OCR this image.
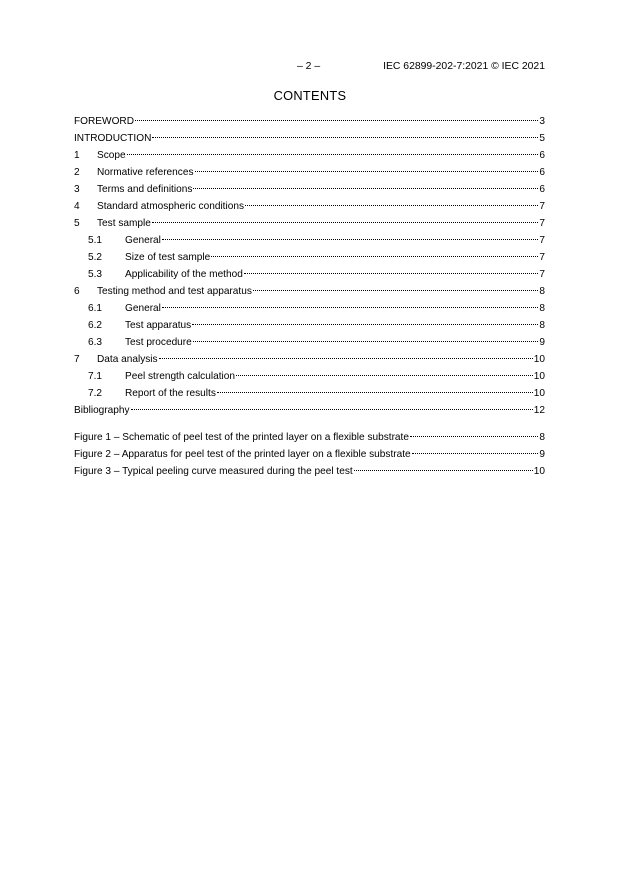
– 2 –	IEC 62899-202-7:2021 © IEC 2021
CONTENTS
FOREWORD	3
INTRODUCTION	5
1	Scope	6
2	Normative references	6
3	Terms and definitions	6
4	Standard atmospheric conditions	7
5	Test sample	7
5.1	General	7
5.2	Size of test sample	7
5.3	Applicability of the method	7
6	Testing method and test apparatus	8
6.1	General	8
6.2	Test apparatus	8
6.3	Test procedure	9
7	Data analysis	10
7.1	Peel strength calculation	10
7.2	Report of the results	10
Bibliography	12
Figure 1 – Schematic of peel test of the printed layer on a flexible substrate	8
Figure 2 – Apparatus for peel test of the printed layer on a flexible substrate	9
Figure 3 – Typical peeling curve measured during the peel test	10
